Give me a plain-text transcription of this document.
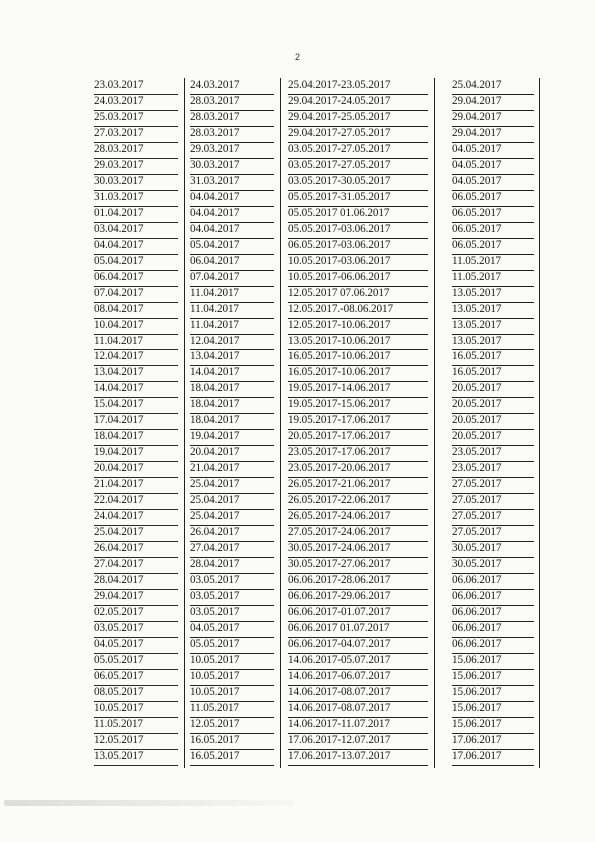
2
23.03.2017	24.03.2017	25.04.2017-23.05.2017	25.04.2017
24.03.2017	28.03.2017	29.04.2017-24.05.2017	29.04.2017
25.03.2017	28.03.2017	29.04.2017-25.05.2017	29.04.2017
27.03.2017	28.03.2017	29.04.2017-27.05.2017	29.04.2017
28.03.2017	29.03.2017	03.05.2017-27.05.2017	04.05.2017
29.03.2017	30.03.2017	03.05.2017-27.05.2017	04.05.2017
30.03.2017	31.03.2017	03.05.2017-30.05.2017	04.05.2017
31.03.2017	04.04.2017	05.05.2017-31.05.2017	06.05.2017
01.04.2017	04.04.2017	05.05.2017 01.06.2017	06.05.2017
03.04.2017	04.04.2017	05.05.2017-03.06.2017	06.05.2017
04.04.2017	05.04.2017	06.05.2017-03.06.2017	06.05.2017
05.04.2017	06.04.2017	10.05.2017-03.06.2017	11.05.2017
06.04.2017	07.04.2017	10.05.2017-06.06.2017	11.05.2017
07.04.2017	11.04.2017	12.05.2017 07.06.2017	13.05.2017
08.04.2017	11.04.2017	12.05.2017.-08.06.2017	13.05.2017
10.04.2017	11.04.2017	12.05.2017-10.06.2017	13.05.2017
11.04.2017	12.04.2017	13.05.2017-10.06.2017	13.05.2017
12.04.2017	13.04.2017	16.05.2017-10.06.2017	16.05.2017
13.04.2017	14.04.2017	16.05.2017-10.06.2017	16.05.2017
14.04.2017	18.04.2017	19.05.2017-14.06.2017	20.05.2017
15.04.2017	18.04.2017	19.05.2017-15.06.2017	20.05.2017
17.04.2017	18.04.2017	19.05.2017-17.06.2017	20.05.2017
18.04.2017	19.04.2017	20.05.2017-17.06.2017	20.05.2017
19.04.2017	20.04.2017	23.05.2017-17.06.2017	23.05.2017
20.04.2017	21.04.2017	23.05.2017-20.06.2017	23.05.2017
21.04.2017	25.04.2017	26.05.2017-21.06.2017	27.05.2017
22.04.2017	25.04.2017	26.05.2017-22.06.2017	27.05.2017
24.04.2017	25.04.2017	26.05.2017-24.06.2017	27.05.2017
25.04.2017	26.04.2017	27.05.2017-24.06.2017	27.05.2017
26.04.2017	27.04.2017	30.05.2017-24.06.2017	30.05.2017
27.04.2017	28.04.2017	30.05.2017-27.06.2017	30.05.2017
28.04.2017	03.05.2017	06.06.2017-28.06.2017	06.06.2017
29.04.2017	03.05.2017	06.06.2017-29.06.2017	06.06.2017
02.05.2017	03.05.2017	06.06.2017-01.07.2017	06.06.2017
03.05.2017	04.05.2017	06.06.2017 01.07.2017	06.06.2017
04.05.2017	05.05.2017	06.06.2017-04.07.2017	06.06.2017
05.05.2017	10.05.2017	14.06.2017-05.07.2017	15.06.2017
06.05.2017	10.05.2017	14.06.2017-06.07.2017	15.06.2017
08.05.2017	10.05.2017	14.06.2017-08.07.2017	15.06.2017
10.05.2017	11.05.2017	14.06.2017-08.07.2017	15.06.2017
11.05.2017	12.05.2017	14.06.2017-11.07.2017	15.06.2017
12.05.2017	16.05.2017	17.06.2017-12.07.2017	17.06.2017
13.05.2017	16.05.2017	17.06.2017-13.07.2017	17.06.2017
